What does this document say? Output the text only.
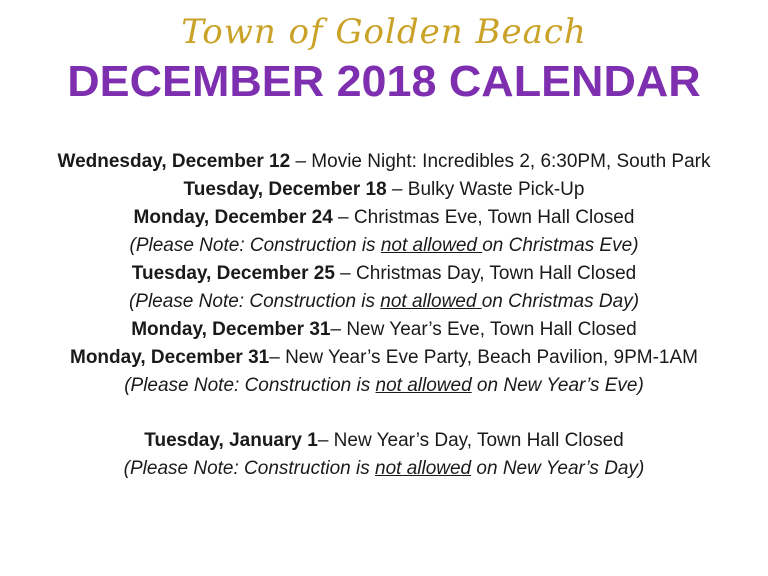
Town of Golden Beach
DECEMBER 2018 CALENDAR
Wednesday, December 12 – Movie Night: Incredibles 2, 6:30PM, South Park
Tuesday, December 18 – Bulky Waste Pick-Up
Monday, December 24 – Christmas Eve, Town Hall Closed
(Please Note: Construction is not allowed on Christmas Eve)
Tuesday, December 25 – Christmas Day, Town Hall Closed
(Please Note: Construction is not allowed on Christmas Day)
Monday, December 31– New Year’s Eve, Town Hall Closed
Monday, December 31– New Year’s Eve Party, Beach Pavilion, 9PM-1AM
(Please Note: Construction is not allowed on New Year’s Eve)
Tuesday, January 1– New Year’s Day, Town Hall Closed
(Please Note: Construction is not allowed on New Year’s Day)
